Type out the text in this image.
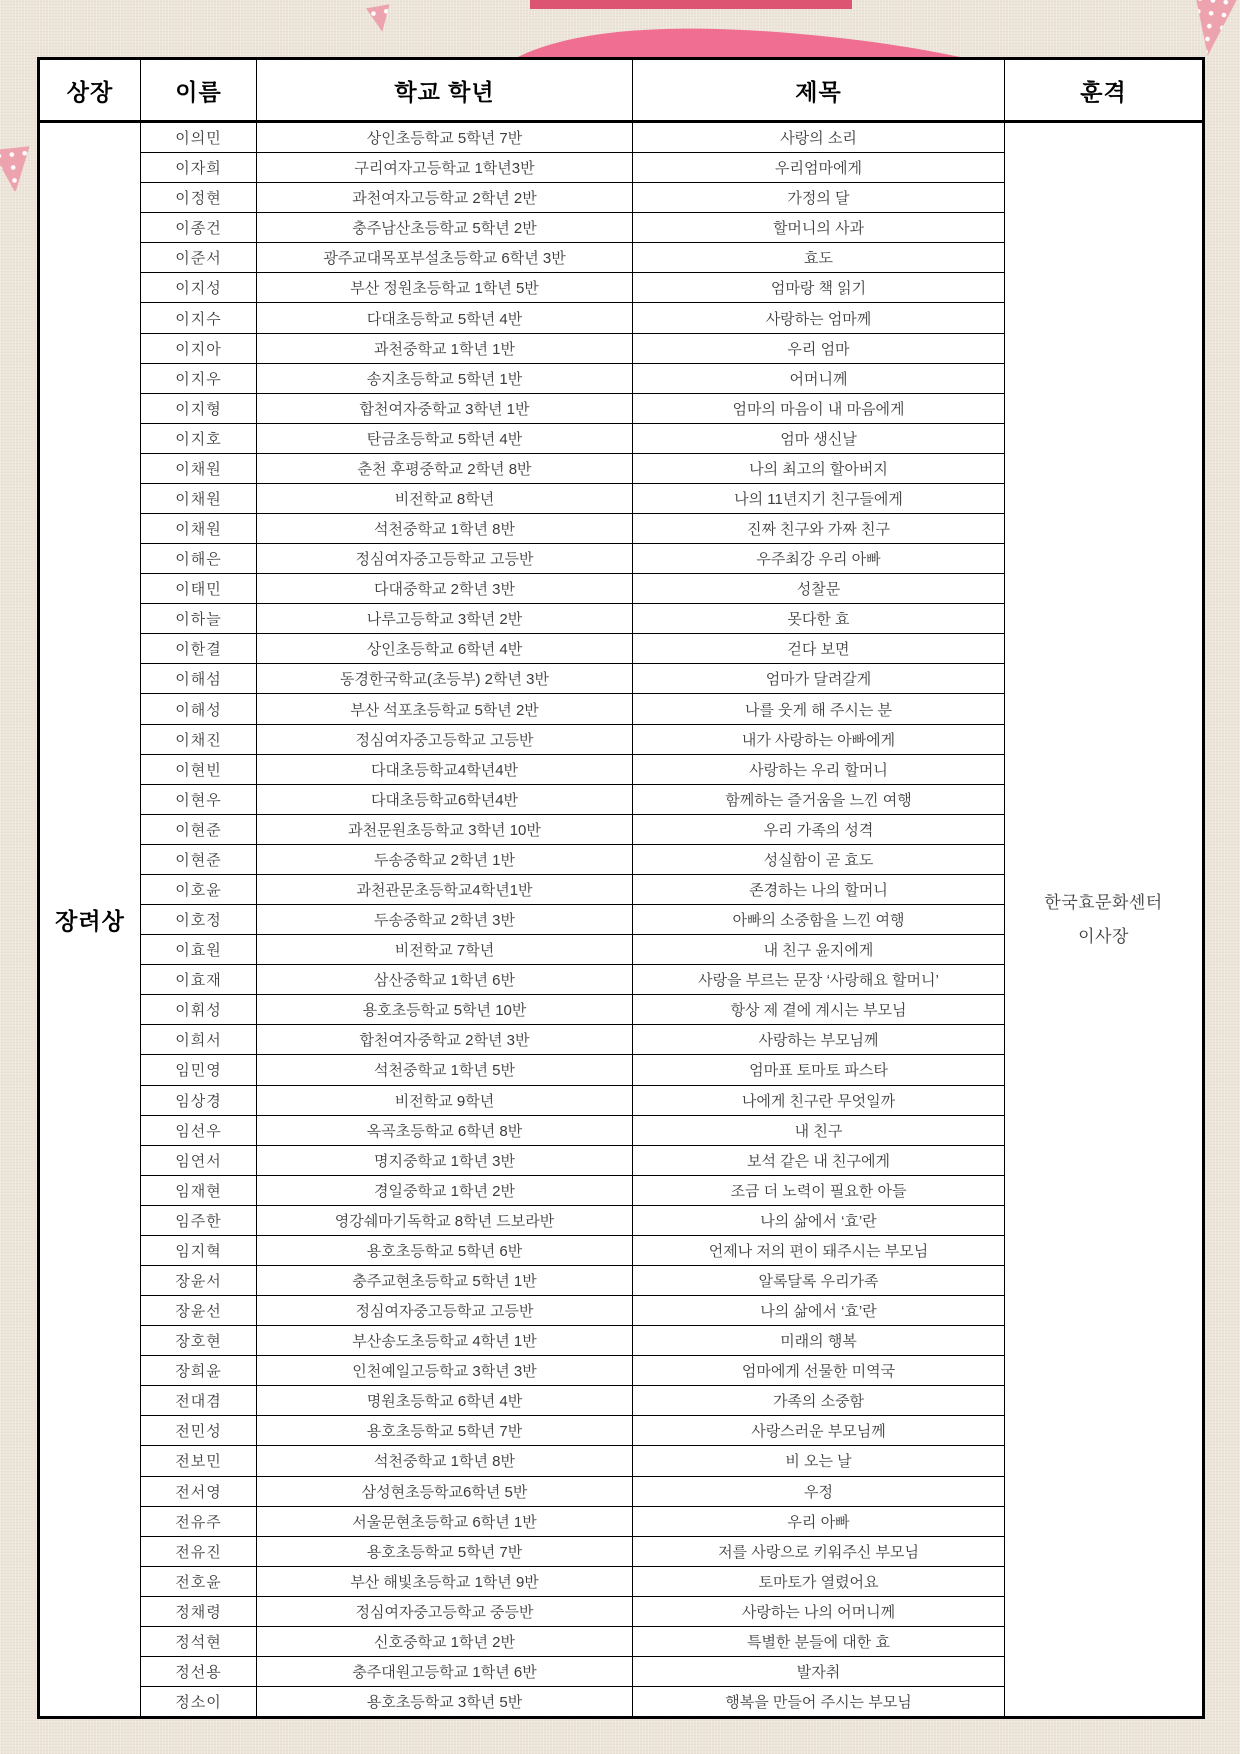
상장	이름	학교 학년	제목	훈격
장려상
이의민	상인초등학교 5학년 7반	사랑의 소리
이자희	구리여자고등학교 1학년3반	우리엄마에게
이정현	과천여자고등학교 2학년 2반	가정의 달
이종건	충주남산초등학교 5학년 2반	할머니의 사과
이준서	광주교대목포부설초등학교 6학년 3반	효도
이지성	부산 정원초등학교 1학년 5반	엄마랑 책 읽기
이지수	다대초등학교 5학년 4반	사랑하는 엄마께
이지아	과천중학교 1학년 1반	우리 엄마
이지우	송지초등학교 5학년 1반	어머니께
이지형	합천여자중학교 3학년 1반	엄마의 마음이 내 마음에게
이지호	탄금초등학교 5학년 4반	엄마 생신날
이채원	춘천 후평중학교 2학년 8반	나의 최고의 할아버지
이채원	비전학교 8학년	나의 11년지기 친구들에게
이채원	석천중학교 1학년 8반	진짜 친구와 가짜 친구
이해은	정심여자중고등학교 고등반	우주최강 우리 아빠
이태민	다대중학교 2학년 3반	성찰문
이하늘	나루고등학교 3학년 2반	못다한 효
이한결	상인초등학교 6학년 4반	걷다 보면
이해섬	동경한국학교(초등부) 2학년 3반	엄마가 달려갈게
이해성	부산 석포초등학교 5학년 2반	나를 웃게 해 주시는 분
이채진	정심여자중고등학교 고등반	내가 사랑하는 아빠에게
이현빈	다대초등학교4학년4반	사랑하는 우리 할머니
이현우	다대초등학교6학년4반	함께하는 즐거움을 느낀 여행
이현준	과천문원초등학교 3학년 10반	우리 가족의 성격
이현준	두송중학교 2학년 1반	성실함이 곧 효도
이호윤	과천관문초등학교4학년1반	존경하는 나의 할머니
이호정	두송중학교 2학년 3반	아빠의 소중함을 느낀 여행
이효원	비전학교 7학년	내 친구 윤지에게
이효재	삼산중학교 1학년 6반	사랑을 부르는 문장 ‘사랑해요 할머니’
이휘성	용호초등학교 5학년 10반	항상 제 곁에 계시는 부모님
이희서	합천여자중학교 2학년 3반	사랑하는 부모님께
임민영	석천중학교 1학년 5반	엄마표 토마토 파스타
임상경	비전학교 9학년	나에게 친구란 무엇일까
임선우	옥곡초등학교 6학년 8반	내 친구
임연서	명지중학교 1학년 3반	보석 같은 내 친구에게
임재현	경일중학교 1학년 2반	조금 더 노력이 필요한 아들
임주한	영강쉐마기독학교 8학년 드보라반	나의 삶에서 ‘효’란
임지혁	용호초등학교 5학년 6반	언제나 저의 편이 돼주시는 부모님
장윤서	충주교현초등학교 5학년 1반	알록달록 우리가족
장윤선	정심여자중고등학교 고등반	나의 삶에서 ‘효’란
장호현	부산송도초등학교 4학년 1반	미래의 행복
장희윤	인천예일고등학교 3학년 3반	엄마에게 선물한 미역국
전대겸	명원초등학교 6학년 4반	가족의 소중함
전민성	용호초등학교 5학년 7반	사랑스러운 부모님께
전보민	석천중학교 1학년 8반	비 오는 날
전서영	삼성현초등학교6학년 5반	우정
전유주	서울문현초등학교 6학년 1반	우리 아빠
전유진	용호초등학교 5학년 7반	저를 사랑으로 키워주신 부모님
전호윤	부산 해빛초등학교 1학년 9반	토마토가 열렸어요
정채령	정심여자중고등학교 중등반	사랑하는 나의 어머니께
정석현	신호중학교 1학년 2반	특별한 분들에 대한 효
정선용	충주대원고등학교 1학년 6반	발자취
정소이	용호초등학교 3학년 5반	행복을 만들어 주시는 부모님
한국효문화센터
이사장
